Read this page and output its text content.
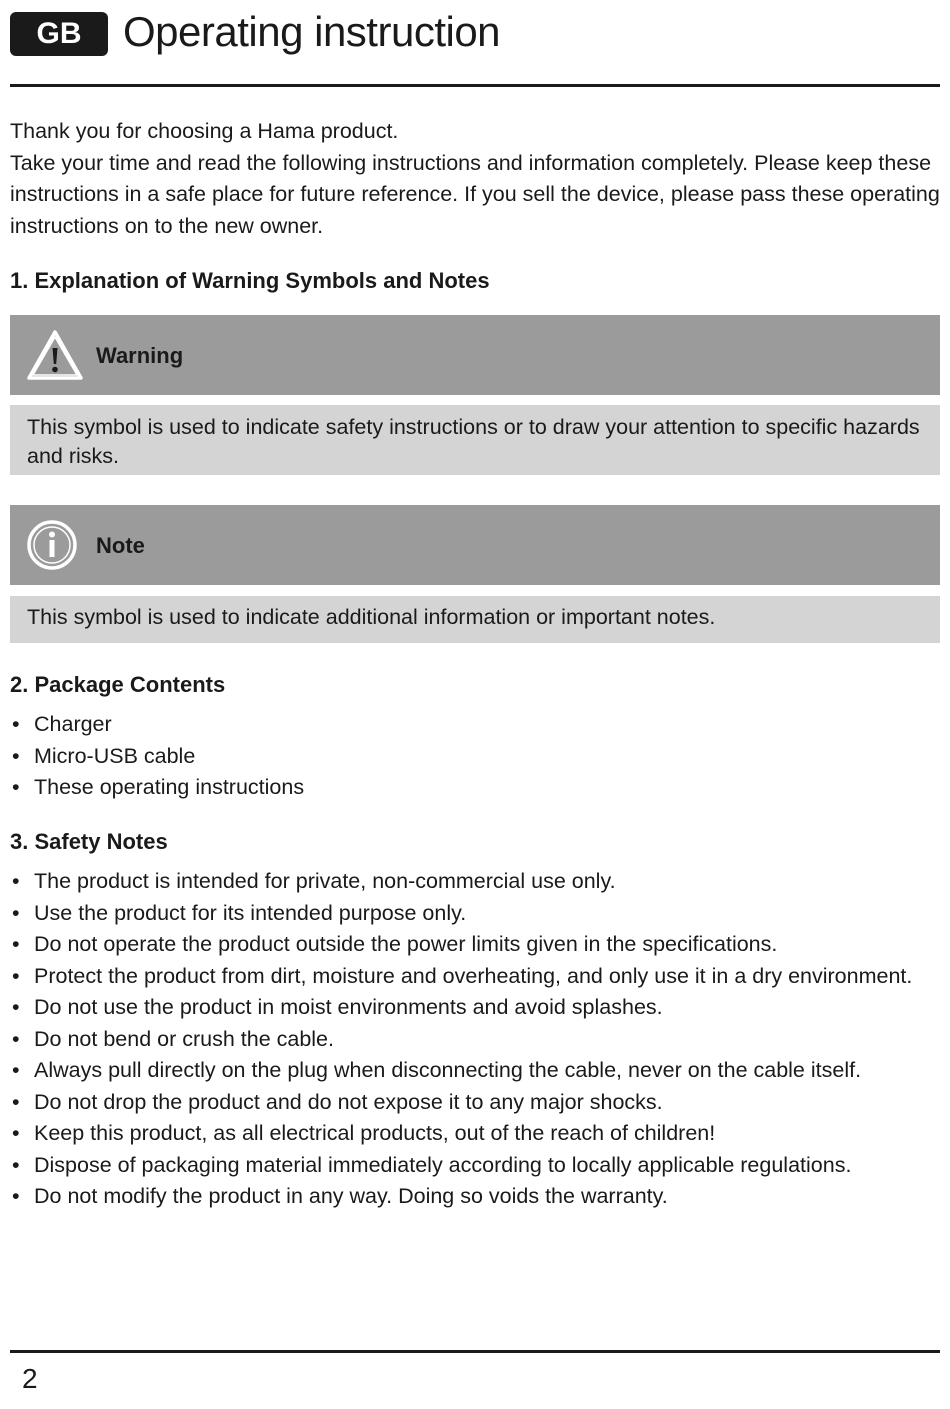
GB Operating instruction

Thank you for choosing a Hama product.

Take your time and read the following instructions and information completely. Please keep these instructions in a safe place for future reference. If you sell the device, please pass these operating instructions on to the new owner.

1. Explanation of Warning Symbols and Notes
Warning
This symbol is used to indicate safety instructions or to draw your attention to specific hazards and risks.
Note
This symbol is used to indicate additional information or important notes.
2. Package Contents
• Charger
• Micro-USB cable
• These operating instructions
3. Safety Notes
• The product is intended for private, non-commercial use only.
• Use the product for its intended purpose only.
• Do not operate the product outside the power limits given in the specifications.
• Protect the product from dirt, moisture and overheating, and only use it in a dry environment.
• Do not use the product in moist environments and avoid splashes.
• Do not bend or crush the cable.
• Always pull directly on the plug when disconnecting the cable, never on the cable itself.
• Do not drop the product and do not expose it to any major shocks.
• Keep this product, as all electrical products, out of the reach of children!
• Dispose of packaging material immediately according to locally applicable regulations.
• Do not modify the product in any way. Doing so voids the warranty.
2
